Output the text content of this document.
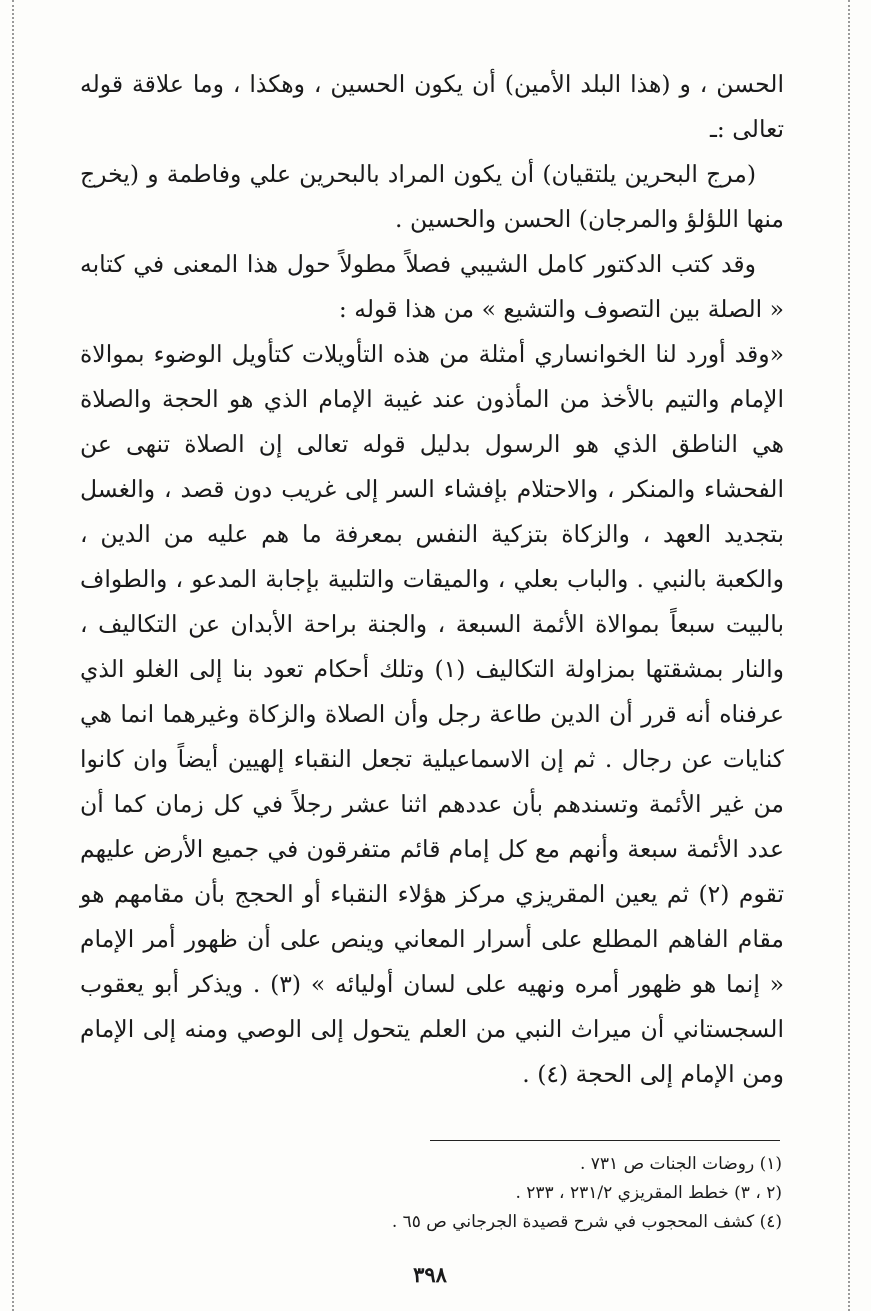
الحسن ، و (هذا البلد الأمين) أن يكون الحسين ، وهكذا ، وما علاقة قوله تعالى :ـ

(مرج البحرين يلتقيان) أن يكون المراد بالبحرين علي وفاطمة و (يخرج منها اللؤلؤ والمرجان) الحسن والحسين .

وقد كتب الدكتور كامل الشيبي فصلاً مطولاً حول هذا المعنى في كتابه « الصلة بين التصوف والتشيع » من هذا قوله :

«وقد أورد لنا الخوانساري أمثلة من هذه التأويلات كتأويل الوضوء بموالاة الإمام والتيم بالأخذ من المأذون عند غيبة الإمام الذي هو الحجة والصلاة هي الناطق الذي هو الرسول بدليل قوله تعالى إن الصلاة تنهى عن الفحشاء والمنكر ، والاحتلام بإفشاء السر إلى غريب دون قصد ، والغسل بتجديد العهد ، والزكاة بتزكية النفس بمعرفة ما هم عليه من الدين ، والكعبة بالنبي . والباب بعلي ، والميقات والتلبية بإجابة المدعو ، والطواف بالبيت سبعاً بموالاة الأئمة السبعة ، والجنة براحة الأبدان عن التكاليف ، والنار بمشقتها بمزاولة التكاليف (١) وتلك أحكام تعود بنا إلى الغلو الذي عرفناه أنه قرر أن الدين طاعة رجل وأن الصلاة والزكاة وغيرهما انما هي كنايات عن رجال . ثم إن الاسماعيلية تجعل النقباء إلهيين أيضاً وان كانوا من غير الأئمة وتسندهم بأن عددهم اثنا عشر رجلاً في كل زمان كما أن عدد الأئمة سبعة وأنهم مع كل إمام قائم متفرقون في جميع الأرض عليهم تقوم (٢) ثم يعين المقريزي مركز هؤلاء النقباء أو الحجج بأن مقامهم هو مقام الفاهم المطلع على أسرار المعاني وينص على أن ظهور أمر الإمام « إنما هو ظهور أمره ونهيه على لسان أوليائه » (٣) . ويذكر أبو يعقوب السجستاني أن ميراث النبي من العلم يتحول إلى الوصي ومنه إلى الإمام ومن الإمام إلى الحجة (٤) .

(١) روضات الجنات ص ٧٣١ .
(٢ ، ٣) خطط المقريزي ٢٣١/٢ ، ٢٣٣ .
(٤) كشف المحجوب في شرح قصيدة الجرجاني ص ٦٥ .
٣٩٨
